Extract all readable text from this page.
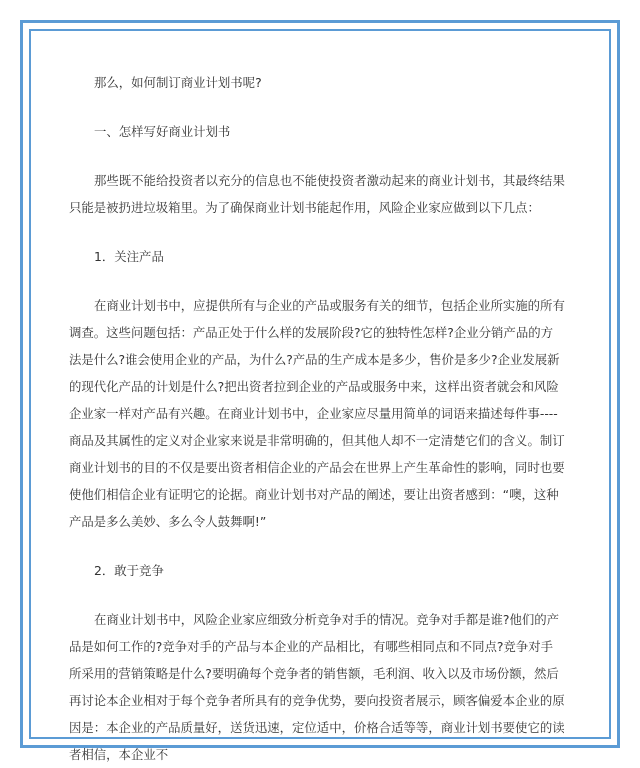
那么，如何制订商业计划书呢?

一、怎样写好商业计划书

那些既不能给投资者以充分的信息也不能使投资者激动起来的商业计划书，其最终结果只能是被扔进垃圾箱里。为了确保商业计划书能起作用，风险企业家应做到以下几点：

1．关注产品

在商业计划书中，应提供所有与企业的产品或服务有关的细节，包括企业所实施的所有调查。这些问题包括：产品正处于什么样的发展阶段?它的独特性怎样?企业分销产品的方法是什么?谁会使用企业的产品，为什么?产品的生产成本是多少，售价是多少?企业发展新的现代化产品的计划是什么?把出资者拉到企业的产品或服务中来，这样出资者就会和风险企业家一样对产品有兴趣。在商业计划书中，企业家应尽量用简单的词语来描述每件事----商品及其属性的定义对企业家来说是非常明确的，但其他人却不一定清楚它们的含义。制订商业计划书的目的不仅是要出资者相信企业的产品会在世界上产生革命性的影响，同时也要使他们相信企业有证明它的论据。商业计划书对产品的阐述，要让出资者感到：“噢，这种产品是多么美妙、多么令人鼓舞啊!”

2．敢于竞争

在商业计划书中，风险企业家应细致分析竞争对手的情况。竞争对手都是谁?他们的产品是如何工作的?竞争对手的产品与本企业的产品相比，有哪些相同点和不同点?竞争对手所采用的营销策略是什么?要明确每个竞争者的销售额，毛利润、收入以及市场份额，然后再讨论本企业相对于每个竞争者所具有的竞争优势，要向投资者展示，顾客偏爱本企业的原因是：本企业的产品质量好，送货迅速，定位适中，价格合适等等，商业计划书要使它的读者相信，本企业不
